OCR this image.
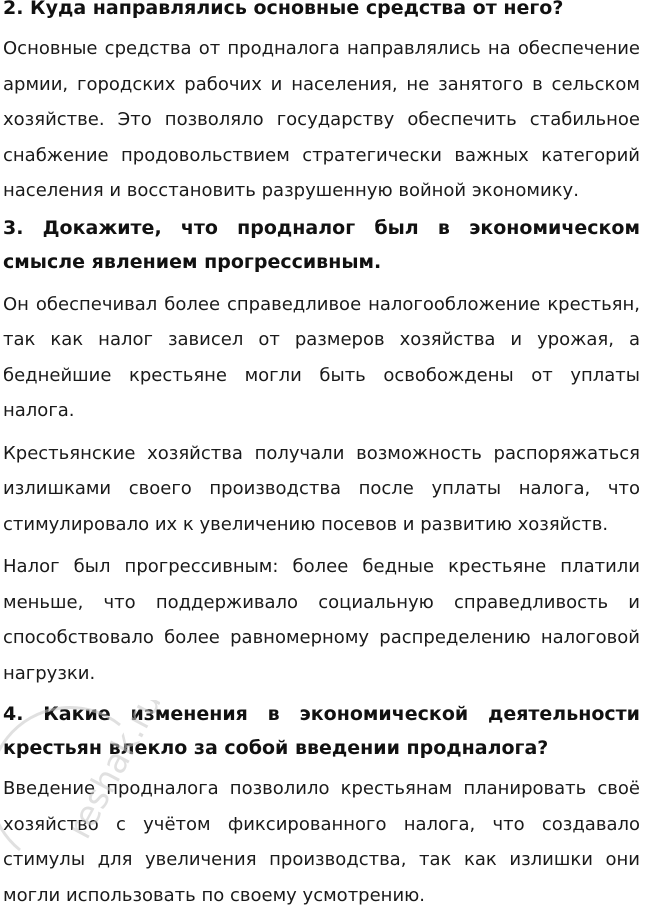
2. Куда направлялись основные средства от него?

Основные средства от продналога направлялись на обеспечение армии, городских рабочих и населения, не занятого в сельском хозяйстве. Это позволяло государству обеспечить стабильное снабжение продовольствием стратегически важных категорий населения и восстановить разрушенную войной экономику.

3. Докажите, что продналог был в экономическом смысле явлением прогрессивным.

Он обеспечивал более справедливое налогообложение крестьян, так как налог зависел от размеров хозяйства и урожая, а беднейшие крестьяне могли быть освобождены от уплаты налога.

Крестьянские хозяйства получали возможность распоряжаться излишками своего производства после уплаты налога, что стимулировало их к увеличению посевов и развитию хозяйств.

Налог был прогрессивным: более бедные крестьяне платили меньше, что поддерживало социальную справедливость и способствовало более равномерному распределению налоговой нагрузки.

4. Какие изменения в экономической деятельности крестьян влекло за собой введении продналога?

Введение продналога позволило крестьянам планировать своё хозяйство с учётом фиксированного налога, что создавало стимулы для увеличения производства, так как излишки они могли использовать по своему усмотрению.

reshak.ru
